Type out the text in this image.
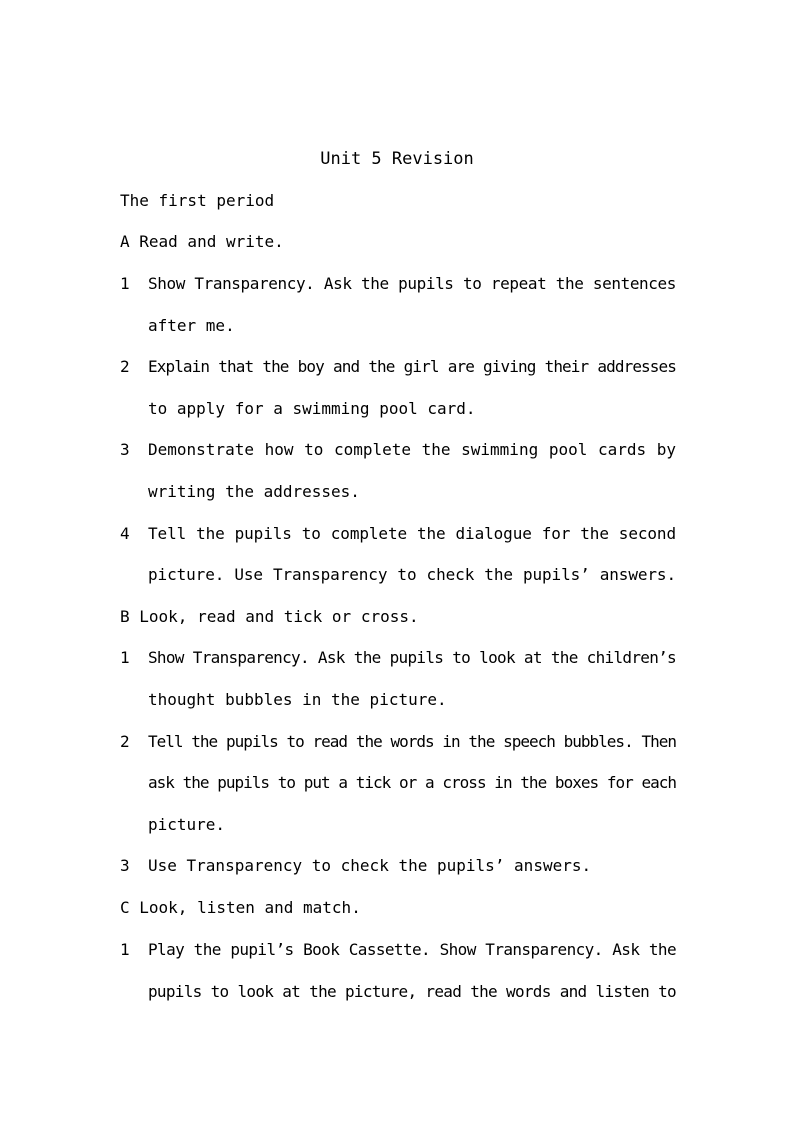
Unit 5 Revision
The first period
A Read and write.
1	Show Transparency. Ask the pupils to repeat the sentences
after me.
2	Explain that the boy and the girl are giving their addresses
to apply for a swimming pool card.
3	Demonstrate how to complete the swimming pool cards by
writing the addresses.
4	Tell the pupils to complete the dialogue for the second
picture. Use Transparency to check the pupils’ answers.
B Look, read and tick or cross.
1	Show Transparency. Ask the pupils to look at the children’s
thought bubbles in the picture.
2	Tell the pupils to read the words in the speech bubbles. Then
ask the pupils to put a tick or a cross in the boxes for each
picture.
3	Use Transparency to check the pupils’ answers.
C Look, listen and match.
1	Play the pupil’s Book Cassette. Show Transparency. Ask the
pupils to look at the picture, read the words and listen to
